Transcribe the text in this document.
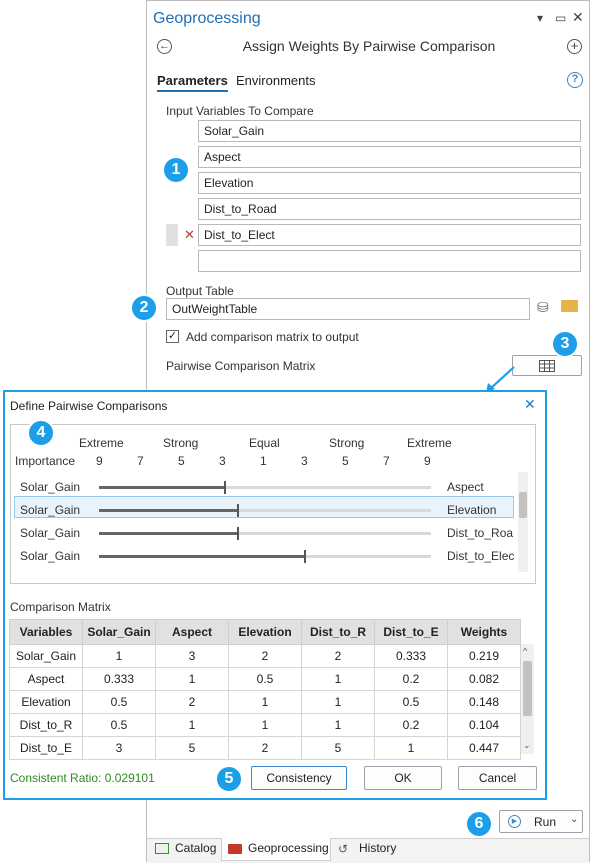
Geoprocessing	▾ ▭ ✕
←	Assign Weights By Pairwise Comparison	+
Parameters Environments	?
Input Variables To Compare
Solar_Gain
Aspect
Elevation
Dist_to_Road
✕ Dist_to_Elect
1
Output Table
OutWeightTable	⛁
2
✓ Add comparison matrix to output
Pairwise Comparison Matrix
3
Define Pairwise Comparisons	✕
4
Extreme	Strong	Equal	Strong	Extreme
Importance 9	7	5	3	1	3	5	7	9
Solar_Gain	Aspect
Solar_Gain	Elevation
Solar_Gain	Dist_to_Roa
Solar_Gain	Dist_to_Elec
Comparison Matrix
Variables	Solar_Gain	Aspect	Elevation	Dist_to_R	Dist_to_E	Weights
Solar_Gain	1	3	2	2	0.333	0.219
Aspect	0.333	1	0.5	1	0.2	0.082
Elevation	0.5	2	1	1	0.5	0.148
Dist_to_R	0.5	1	1	1	0.2	0.104
Dist_to_E	3	5	2	5	1	0.447
^
⌄
Consistent Ratio: 0.029101	5	Consistency	OK	Cancel
6	▶	Run ⌄
Catalog	Geoprocessing ↺ History
